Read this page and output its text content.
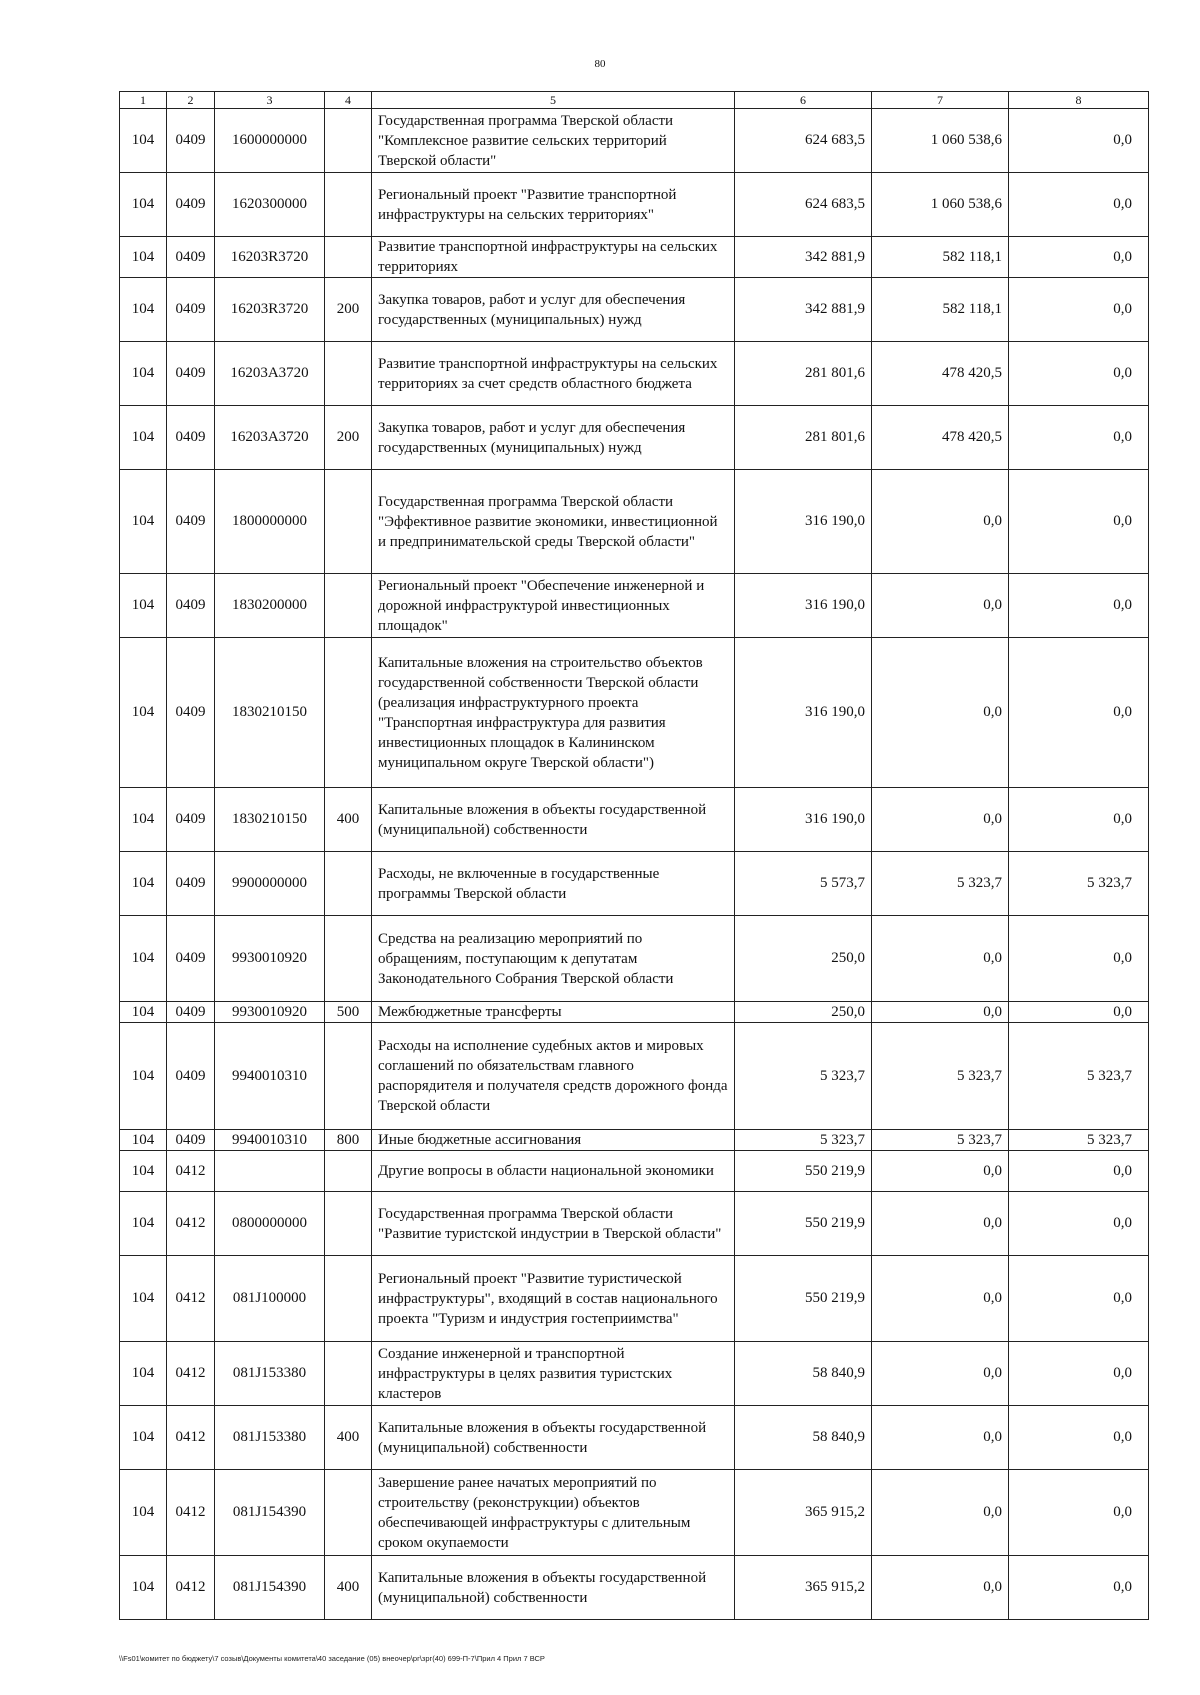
80
1	2	3	4	5	6	7	8
104	0409	1600000000		Государственная программа Тверской области "Комплексное развитие сельских территорий Тверской области"	624 683,5	1 060 538,6	0,0
104	0409	1620300000		Региональный проект "Развитие транспортной инфраструктуры на сельских территориях"	624 683,5	1 060 538,6	0,0
104	0409	16203R3720		Развитие транспортной инфраструктуры на сельских территориях	342 881,9	582 118,1	0,0
104	0409	16203R3720	200	Закупка товаров, работ и услуг для обеспечения государственных (муниципальных) нужд	342 881,9	582 118,1	0,0
104	0409	16203А3720		Развитие транспортной инфраструктуры на сельских территориях за счет средств областного бюджета	281 801,6	478 420,5	0,0
104	0409	16203А3720	200	Закупка товаров, работ и услуг для обеспечения государственных (муниципальных) нужд	281 801,6	478 420,5	0,0
104	0409	1800000000		Государственная программа Тверской области "Эффективное развитие экономики, инвестиционной и предпринимательской среды Тверской области"	316 190,0	0,0	0,0
104	0409	1830200000		Региональный проект "Обеспечение инженерной и дорожной инфраструктурой инвестиционных площадок"	316 190,0	0,0	0,0
104	0409	1830210150		Капитальные вложения на строительство объектов государственной собственности Тверской области (реализация инфраструктурного проекта "Транспортная инфраструктура для развития инвестиционных площадок в Калининском муниципальном округе Тверской области")	316 190,0	0,0	0,0
104	0409	1830210150	400	Капитальные вложения в объекты государственной (муниципальной) собственности	316 190,0	0,0	0,0
104	0409	9900000000		Расходы, не включенные в государственные программы Тверской области	5 573,7	5 323,7	5 323,7
104	0409	9930010920		Средства на реализацию мероприятий по обращениям, поступающим к депутатам Законодательного Собрания Тверской области	250,0	0,0	0,0
104	0409	9930010920	500	Межбюджетные трансферты	250,0	0,0	0,0
104	0409	9940010310		Расходы на исполнение судебных актов и мировых соглашений по обязательствам главного распорядителя и получателя средств дорожного фонда Тверской области	5 323,7	5 323,7	5 323,7
104	0409	9940010310	800	Иные бюджетные ассигнования	5 323,7	5 323,7	5 323,7
104	0412			Другие вопросы в области национальной экономики	550 219,9	0,0	0,0
104	0412	0800000000		Государственная программа Тверской области "Развитие туристской индустрии в Тверской области"	550 219,9	0,0	0,0
104	0412	081J100000		Региональный проект "Развитие туристической инфраструктуры", входящий в состав национального проекта "Туризм и индустрия гостеприимства"	550 219,9	0,0	0,0
104	0412	081J153380		Создание инженерной и транспортной инфраструктуры в целях развития туристских кластеров	58 840,9	0,0	0,0
104	0412	081J153380	400	Капитальные вложения в объекты государственной (муниципальной) собственности	58 840,9	0,0	0,0
104	0412	081J154390		Завершение ранее начатых мероприятий по строительству (реконструкции) объектов обеспечивающей инфраструктуры с длительным сроком окупаемости	365 915,2	0,0	0,0
104	0412	081J154390	400	Капитальные вложения в объекты государственной (муниципальной) собственности	365 915,2	0,0	0,0
\\Fs01\комитет по бюджету\7 созыв\Документы комитета\40 заседание (05) внеочер\рг\зрг(40) 699-П-7\Прил 4 Прил 7 ВСР
